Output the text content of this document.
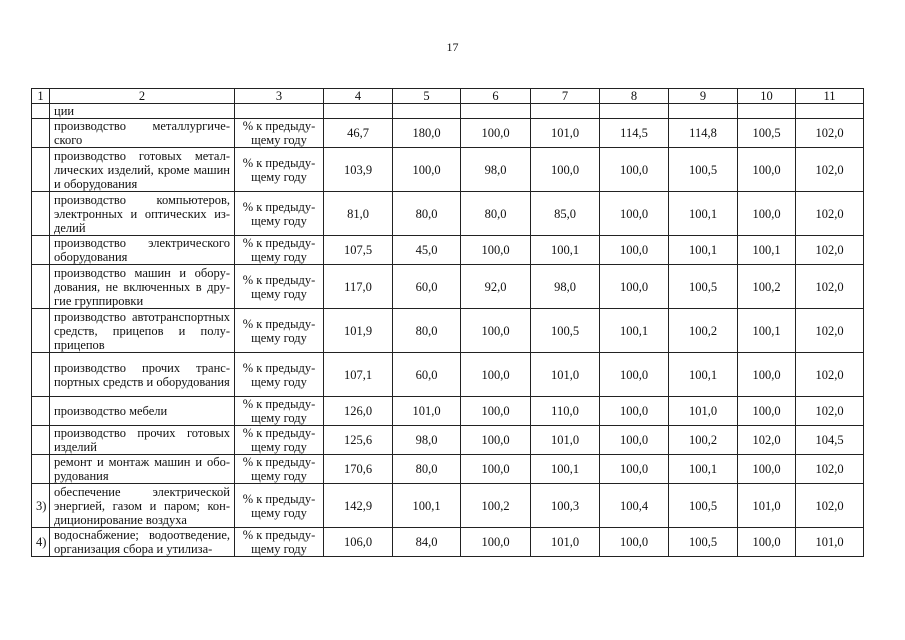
17
1	2	3	4	5	6	7	8	9	10	11
	ции									
	производство металлургического	% к предыдущему году	46,7	180,0	100,0	101,0	114,5	114,8	100,5	102,0
	производство готовых металлических изделий, кроме машин и оборудования	% к предыдущему году	103,9	100,0	98,0	100,0	100,0	100,5	100,0	102,0
	производство компьютеров, электронных и оптических изделий	% к предыдущему году	81,0	80,0	80,0	85,0	100,0	100,1	100,0	102,0
	производство электрического оборудования	% к предыдущему году	107,5	45,0	100,0	100,1	100,0	100,1	100,1	102,0
	производство машин и оборудования, не включенных в другие группировки	% к предыдущему году	117,0	60,0	92,0	98,0	100,0	100,5	100,2	102,0
	производство автотранспортных средств, прицепов и полуприцепов	% к предыдущему году	101,9	80,0	100,0	100,5	100,1	100,2	100,1	102,0
	производство прочих транспортных средств и оборудования	% к предыдущему году	107,1	60,0	100,0	101,0	100,0	100,1	100,0	102,0
	производство мебели	% к предыдущему году	126,0	101,0	100,0	110,0	100,0	101,0	100,0	102,0
	производство прочих готовых изделий	% к предыдущему году	125,6	98,0	100,0	101,0	100,0	100,2	102,0	104,5
	ремонт и монтаж машин и оборудования	% к предыдущему году	170,6	80,0	100,0	100,1	100,0	100,1	100,0	102,0
3)	обеспечение электрической энергией, газом и паром; кондиционирование воздуха	% к предыдущему году	142,9	100,1	100,2	100,3	100,4	100,5	101,0	102,0
4)	водоснабжение; водоотведение, организация сбора и утилиза-	% к предыдущему году	106,0	84,0	100,0	101,0	100,0	100,5	100,0	101,0
